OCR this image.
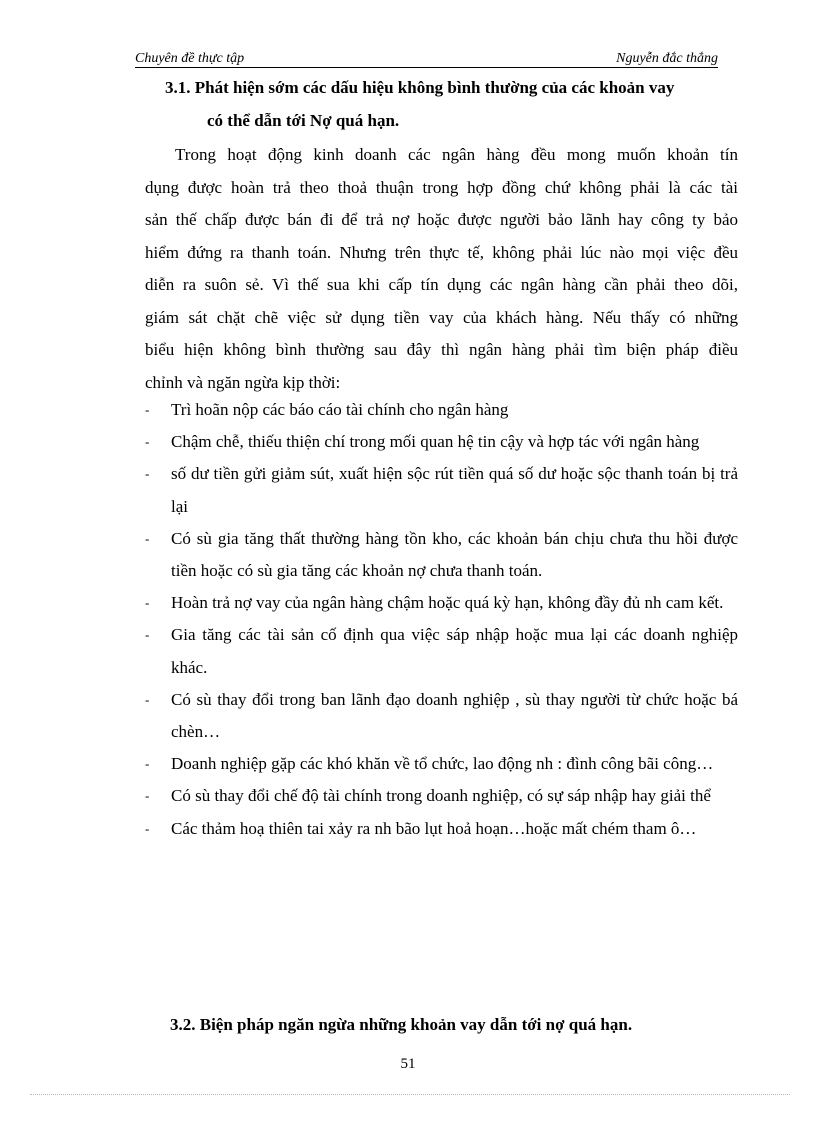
Chuyên đề thực tập	Nguyễn đắc thắng
3.1. Phát hiện sớm các dấu hiệu không bình thường của các khoản vay
có thể dẫn tới Nợ quá hạn.
Trong hoạt động kinh doanh các ngân hàng đều mong muốn khoản tín
dụng được hoàn trả theo thoả thuận trong hợp đồng chứ không phải là các tài
sản thế chấp được bán đi để trả nợ hoặc được người bảo lãnh hay công ty bảo
hiểm đứng ra thanh toán. Nhưng trên thực tế, không phải lúc nào mọi việc đều
diễn ra suôn sẻ. Vì thế sua khi cấp tín dụng các ngân hàng cần phải theo dõi,
giám sát chặt chẽ việc sử dụng tiền vay của khách hàng. Nếu thấy có những
biểu hiện không bình thường sau đây thì ngân hàng phải tìm biện pháp điều
chỉnh và ngăn ngừa kịp thời:
- Trì hoãn nộp các báo cáo tài chính cho ngân hàng
- Chậm chễ, thiếu thiện chí trong mối quan hệ tin cậy và hợp tác với ngân hàng
- số dư tiền gửi giảm sút, xuất hiện sộc rút tiền quá số dư hoặc sộc thanh toán bị trả lại
- Có sù gia tăng thất thường hàng tồn kho, các khoản bán chịu chưa thu hồi được tiền hoặc có sù gia tăng các khoản nợ chưa thanh toán.
- Hoàn trả nợ vay của ngân hàng chậm hoặc quá kỳ hạn, không đầy đủ nh cam kết.
- Gia tăng các tài sản cố định qua việc sáp nhập hoặc mua lại các doanh nghiệp khác.
- Có sù thay đổi trong ban lãnh đạo doanh nghiệp , sù thay người từ chức hoặc bá chèn…
- Doanh nghiệp gặp các khó khăn về tổ chức, lao động nh : đình công bãi công…
- Có sù thay đổi chế độ tài chính trong doanh nghiệp, có sự sáp nhập hay giải thể
- Các thảm hoạ thiên tai xảy ra nh bão lụt hoả hoạn…hoặc mất chém tham ô…
3.2. Biện pháp ngăn ngừa những khoản vay dẫn tới nợ quá hạn.
51
